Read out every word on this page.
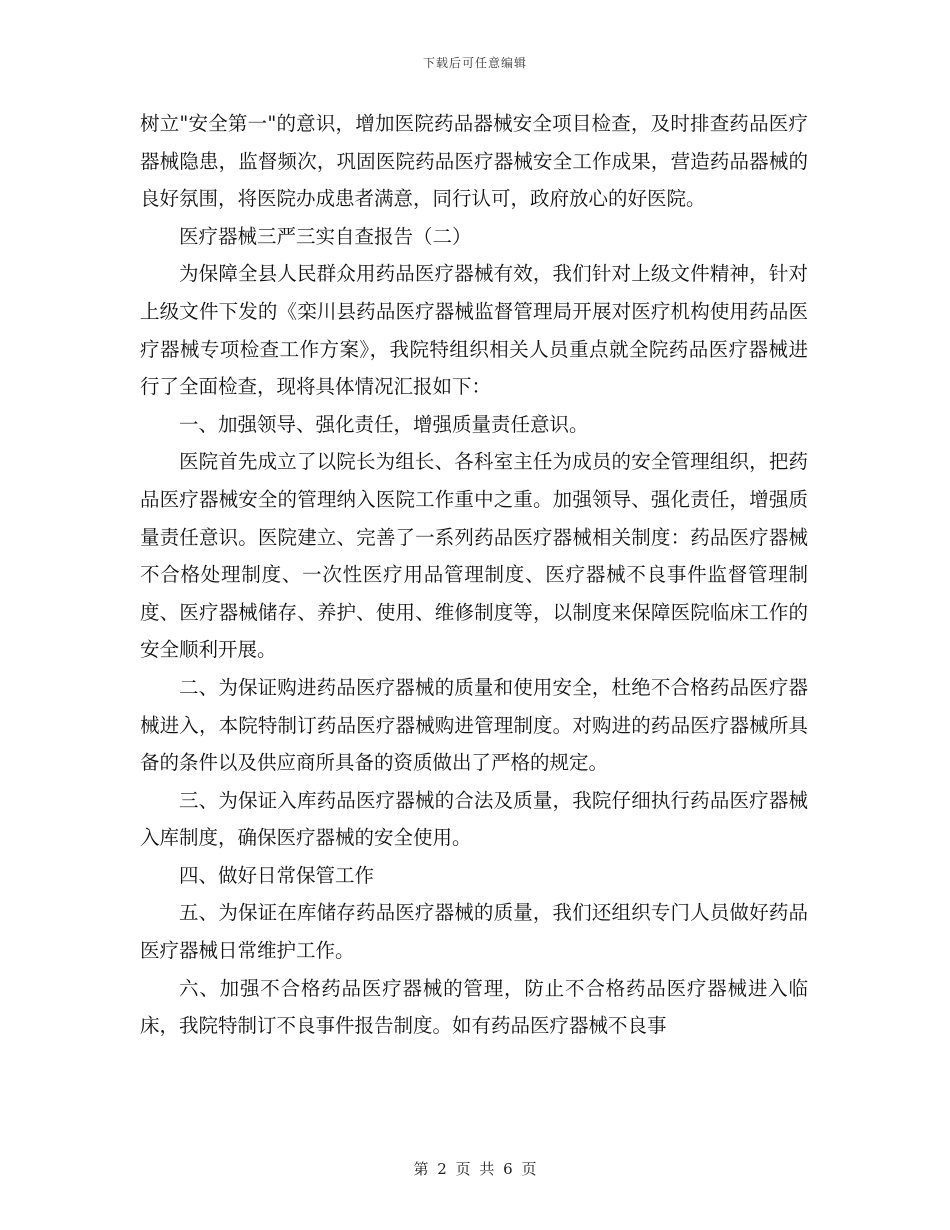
下载后可任意编辑

树立"安全第一"的意识，增加医院药品器械安全项目检查，及时排查药品医疗器械隐患，监督频次，巩固医院药品医疗器械安全工作成果，营造药品器械的良好氛围，将医院办成患者满意，同行认可，政府放心的好医院。

医疗器械三严三实自查报告（二）

为保障全县人民群众用药品医疗器械有效，我们针对上级文件精神，针对上级文件下发的《栾川县药品医疗器械监督管理局开展对医疗机构使用药品医疗器械专项检查工作方案》，我院特组织相关人员重点就全院药品医疗器械进行了全面检查，现将具体情况汇报如下：

一、加强领导、强化责任，增强质量责任意识。

医院首先成立了以院长为组长、各科室主任为成员的安全管理组织，把药品医疗器械安全的管理纳入医院工作重中之重。加强领导、强化责任，增强质量责任意识。医院建立、完善了一系列药品医疗器械相关制度：药品医疗器械不合格处理制度、一次性医疗用品管理制度、医疗器械不良事件监督管理制度、医疗器械储存、养护、使用、维修制度等，以制度来保障医院临床工作的安全顺利开展。

二、为保证购进药品医疗器械的质量和使用安全，杜绝不合格药品医疗器械进入，本院特制订药品医疗器械购进管理制度。对购进的药品医疗器械所具备的条件以及供应商所具备的资质做出了严格的规定。

三、为保证入库药品医疗器械的合法及质量，我院仔细执行药品医疗器械入库制度，确保医疗器械的安全使用。

四、做好日常保管工作

五、为保证在库储存药品医疗器械的质量，我们还组织专门人员做好药品医疗器械日常维护工作。

六、加强不合格药品医疗器械的管理，防止不合格药品医疗器械进入临床，我院特制订不良事件报告制度。如有药品医疗器械不良事

第 2 页 共 6 页
